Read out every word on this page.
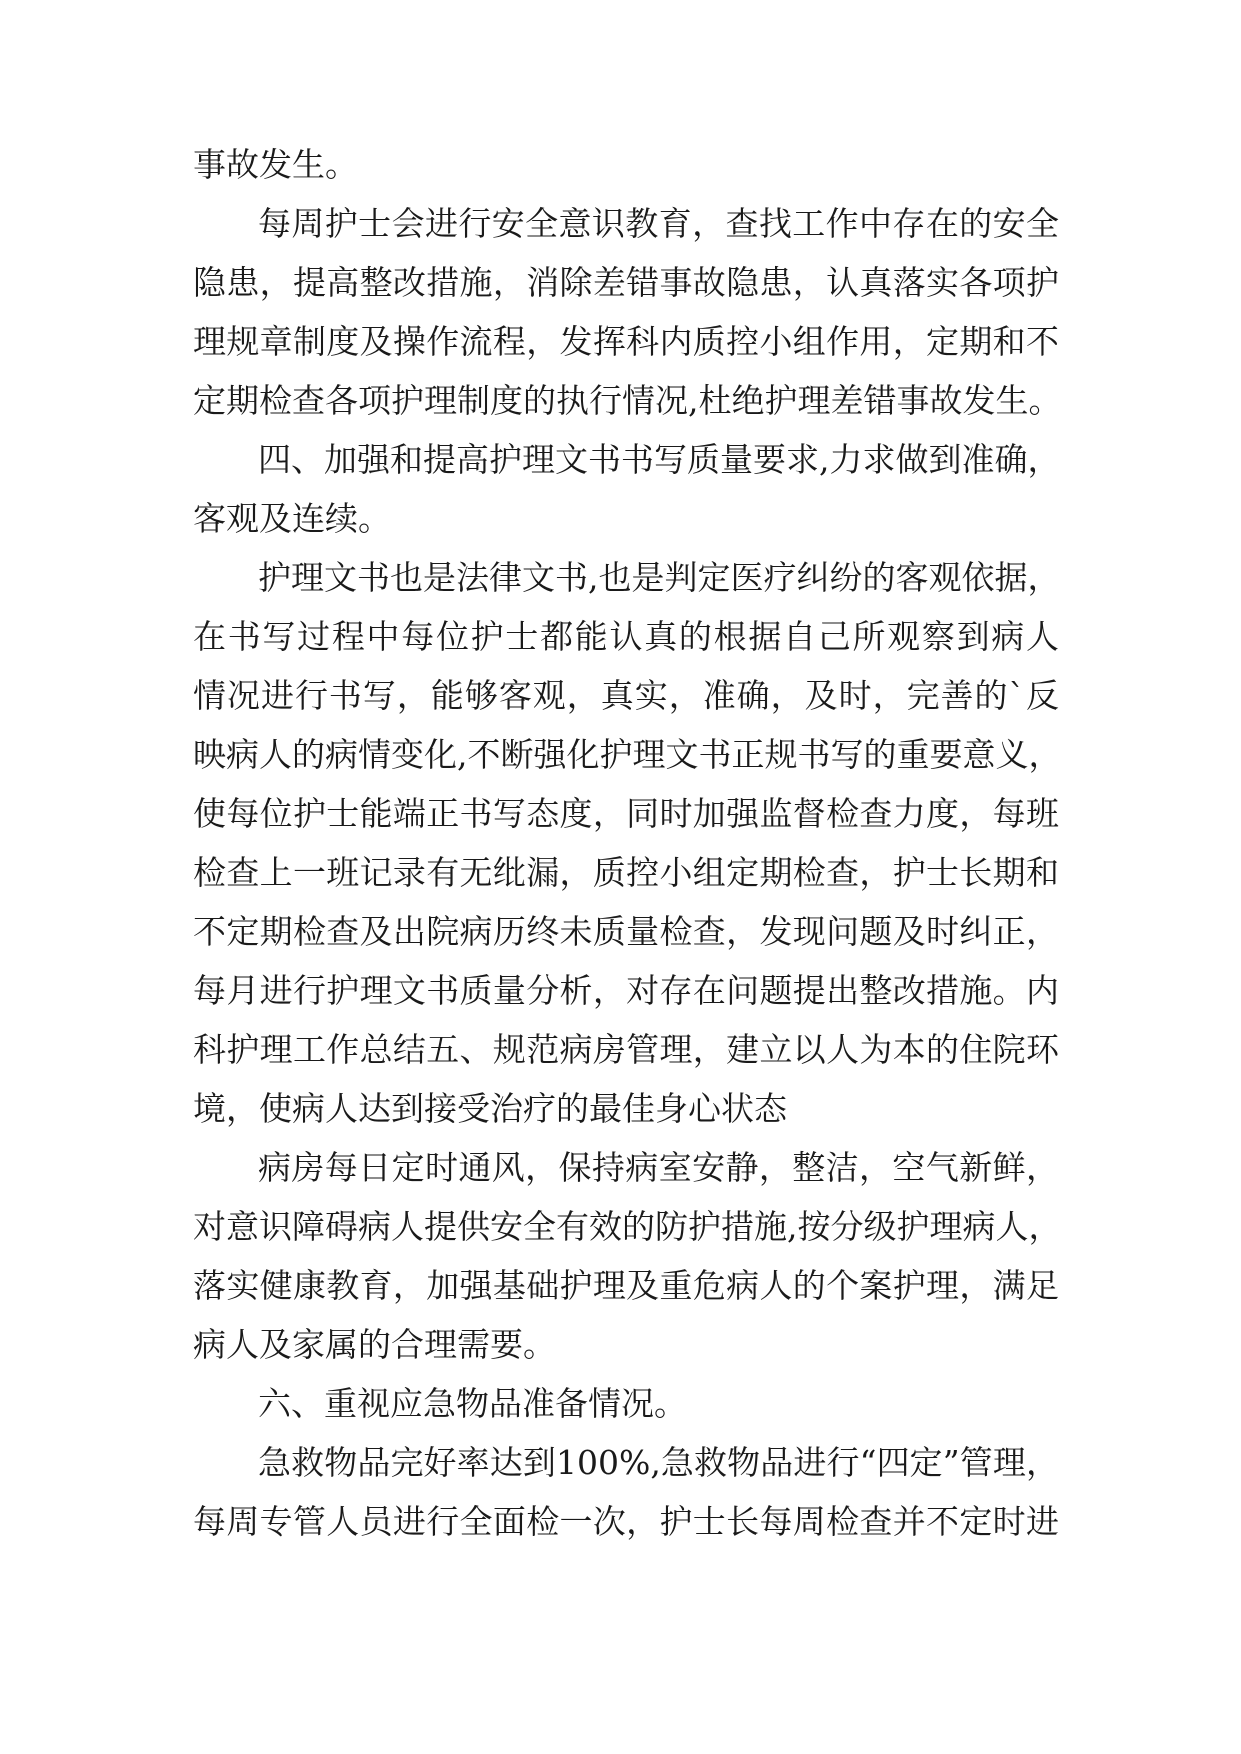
事故发生。
每周护士会进行安全意识教育，查找工作中存在的安全
隐患，提高整改措施，消除差错事故隐患，认真落实各项护
理规章制度及操作流程，发挥科内质控小组作用，定期和不
定期检查各项护理制度的执行情况,杜绝护理差错事故发生。
四、加强和提高护理文书书写质量要求,力求做到准确，
客观及连续。
护理文书也是法律文书,也是判定医疗纠纷的客观依据，
在书写过程中每位护士都能认真的根据自己所观察到病人
情况进行书写，能够客观，真实，准确，及时，完善的`反
映病人的病情变化,不断强化护理文书正规书写的重要意义，
使每位护士能端正书写态度，同时加强监督检查力度，每班
检查上一班记录有无纰漏，质控小组定期检查，护士长期和
不定期检查及出院病历终未质量检查，发现问题及时纠正，
每月进行护理文书质量分析，对存在问题提出整改措施。内
科护理工作总结五、规范病房管理，建立以人为本的住院环
境，使病人达到接受治疗的最佳身心状态
病房每日定时通风，保持病室安静，整洁，空气新鲜，
对意识障碍病人提供安全有效的防护措施,按分级护理病人，
落实健康教育，加强基础护理及重危病人的个案护理，满足
病人及家属的合理需要。
六、重视应急物品准备情况。
急救物品完好率达到100%,急救物品进行“四定”管理，
每周专管人员进行全面检一次，护士长每周检查并不定时进
